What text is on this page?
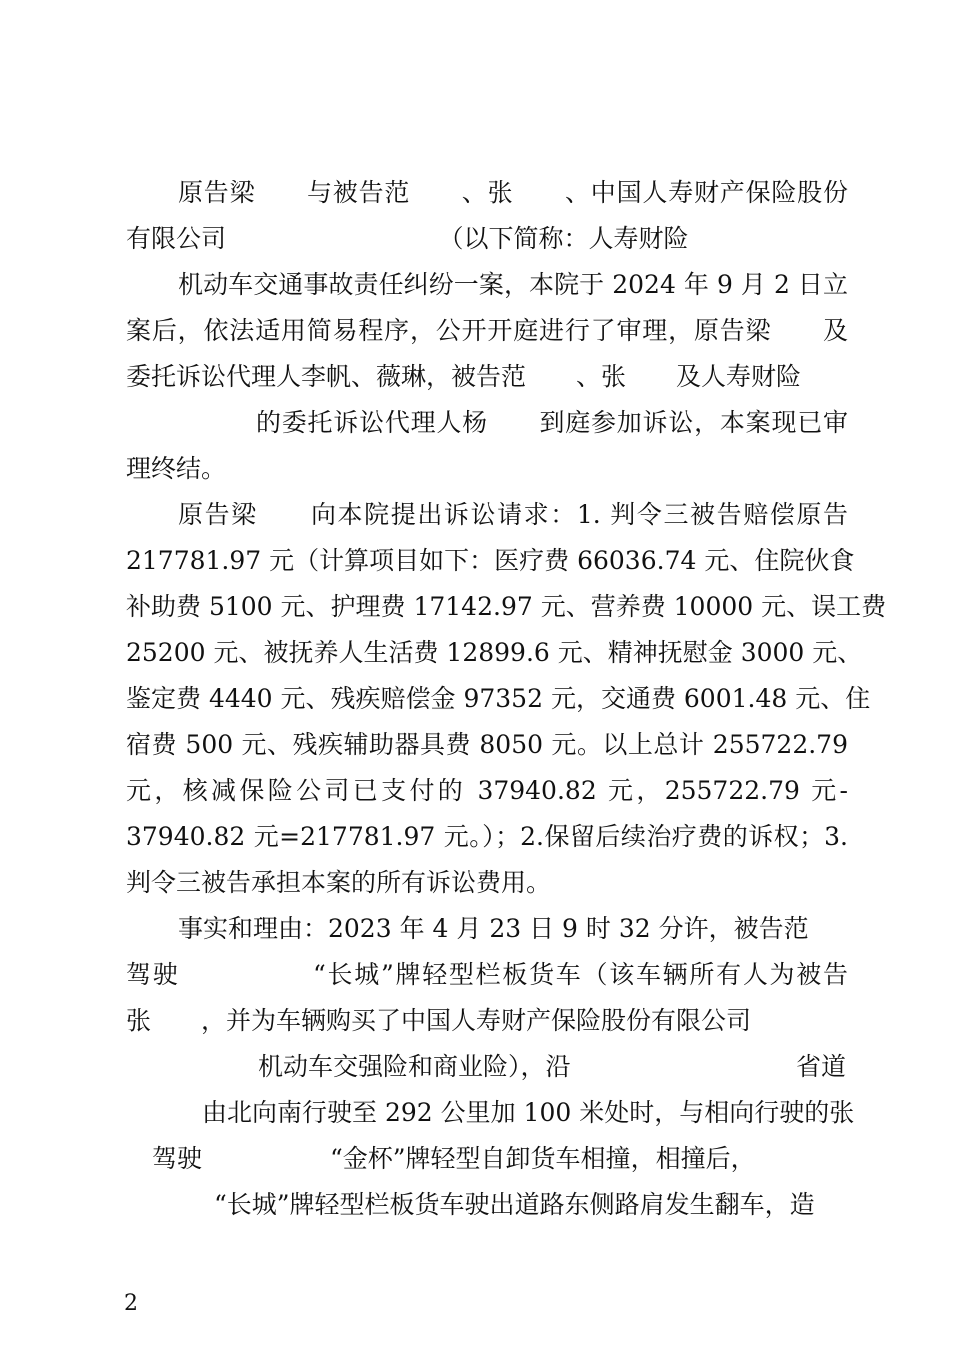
原告梁　　与被告范　　、张　　、中国人寿财产保险股份
有限公司　　　　　　　　　（以下简称：人寿财险
机动车交通事故责任纠纷一案，本院于 2024 年 9 月 2 日立
案后，依法适用简易程序，公开开庭进行了审理，原告梁　　及
委托诉讼代理人李帆、薇琳，被告范　　、张　　及人寿财险
的委托诉讼代理人杨　　到庭参加诉讼，本案现已审
理终结。
原告梁　　向本院提出诉讼请求：1. 判令三被告赔偿原告
217781.97 元（计算项目如下：医疗费 66036.74 元、住院伙食
补助费 5100 元、护理费 17142.97 元、营养费 10000 元、误工费
25200 元、被抚养人生活费 12899.6 元、精神抚慰金 3000 元、
鉴定费 4440 元、残疾赔偿金 97352 元，交通费 6001.48 元、住
宿费 500 元、残疾辅助器具费 8050 元。以上总计 255722.79
元，核减保险公司已支付的 37940.82 元，255722.79 元-
37940.82 元=217781.97 元。）；2.保留后续治疗费的诉权；3.
判令三被告承担本案的所有诉讼费用。
事实和理由：2023 年 4 月 23 日 9 时 32 分许，被告范
驾驶　　　　　“长城”牌轻型栏板货车（该车辆所有人为被告
张　　，并为车辆购买了中国人寿财产保险股份有限公司
机动车交强险和商业险），沿	省道
由北向南行驶至 292 公里加 100 米处时，与相向行驶的张
驾驶	“金杯”牌轻型自卸货车相撞，相撞后，
“长城”牌轻型栏板货车驶出道路东侧路肩发生翻车，造
2
